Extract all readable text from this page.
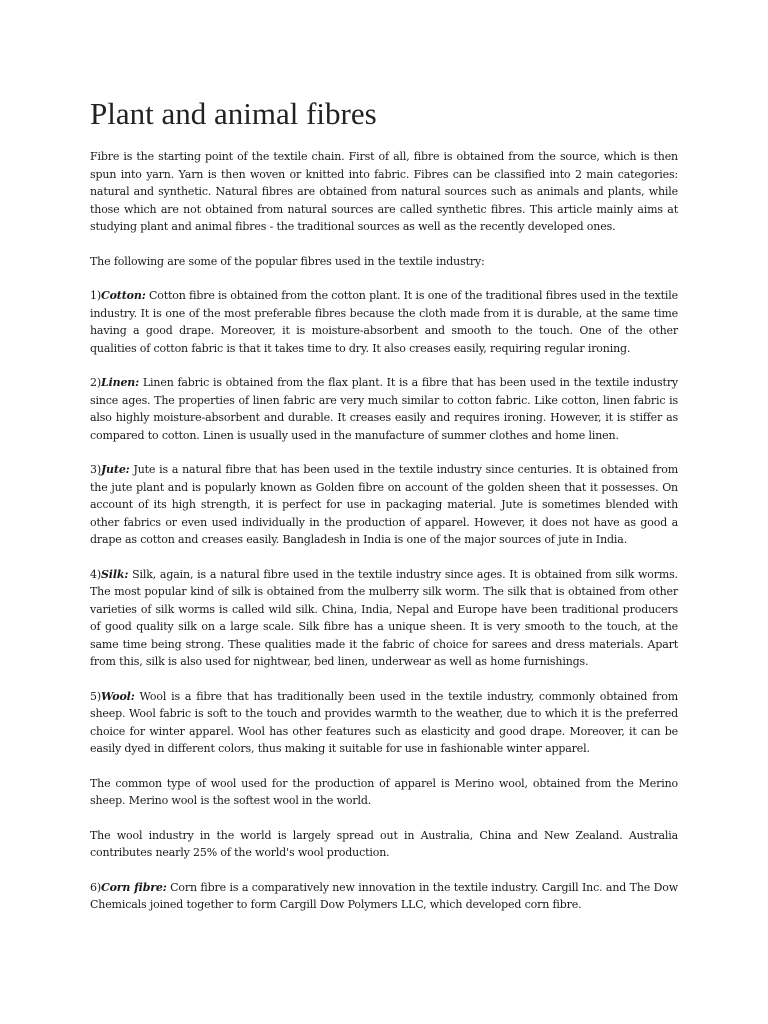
Plant and animal fibres

Fibre is the starting point of the textile chain. First of all, fibre is obtained from the source, which is then spun into yarn. Yarn is then woven or knitted into fabric. Fibres can be classified into 2 main categories: natural and synthetic. Natural fibres are obtained from natural sources such as animals and plants, while those which are not obtained from natural sources are called synthetic fibres. This article mainly aims at studying plant and animal fibres - the traditional sources as well as the recently developed ones.

The following are some of the popular fibres used in the textile industry:

1)Cotton: Cotton fibre is obtained from the cotton plant. It is one of the traditional fibres used in the textile industry. It is one of the most preferable fibres because the cloth made from it is durable, at the same time having a good drape. Moreover, it is moisture-absorbent and smooth to the touch. One of the other qualities of cotton fabric is that it takes time to dry. It also creases easily, requiring regular ironing.

2)Linen: Linen fabric is obtained from the flax plant. It is a fibre that has been used in the textile industry since ages. The properties of linen fabric are very much similar to cotton fabric. Like cotton, linen fabric is also highly moisture-absorbent and durable. It creases easily and requires ironing. However, it is stiffer as compared to cotton. Linen is usually used in the manufacture of summer clothes and home linen.

3)Jute: Jute is a natural fibre that has been used in the textile industry since centuries. It is obtained from the jute plant and is popularly known as Golden fibre on account of the golden sheen that it possesses. On account of its high strength, it is perfect for use in packaging material. Jute is sometimes blended with other fabrics or even used individually in the production of apparel. However, it does not have as good a drape as cotton and creases easily. Bangladesh in India is one of the major sources of jute in India.

4)Silk: Silk, again, is a natural fibre used in the textile industry since ages. It is obtained from silk worms. The most popular kind of silk is obtained from the mulberry silk worm. The silk that is obtained from other varieties of silk worms is called wild silk. China, India, Nepal and Europe have been traditional producers of good quality silk on a large scale. Silk fibre has a unique sheen. It is very smooth to the touch, at the same time being strong. These qualities made it the fabric of choice for sarees and dress materials. Apart from this, silk is also used for nightwear, bed linen, underwear as well as home furnishings.

5)Wool: Wool is a fibre that has traditionally been used in the textile industry, commonly obtained from sheep. Wool fabric is soft to the touch and provides warmth to the weather, due to which it is the preferred choice for winter apparel. Wool has other features such as elasticity and good drape. Moreover, it can be easily dyed in different colors, thus making it suitable for use in fashionable winter apparel.

The common type of wool used for the production of apparel is Merino wool, obtained from the Merino sheep. Merino wool is the softest wool in the world.

The wool industry in the world is largely spread out in Australia, China and New Zealand. Australia contributes nearly 25% of the world's wool production.

6)Corn fibre: Corn fibre is a comparatively new innovation in the textile industry. Cargill Inc. and The Dow Chemicals joined together to form Cargill Dow Polymers LLC, which developed corn fibre.
